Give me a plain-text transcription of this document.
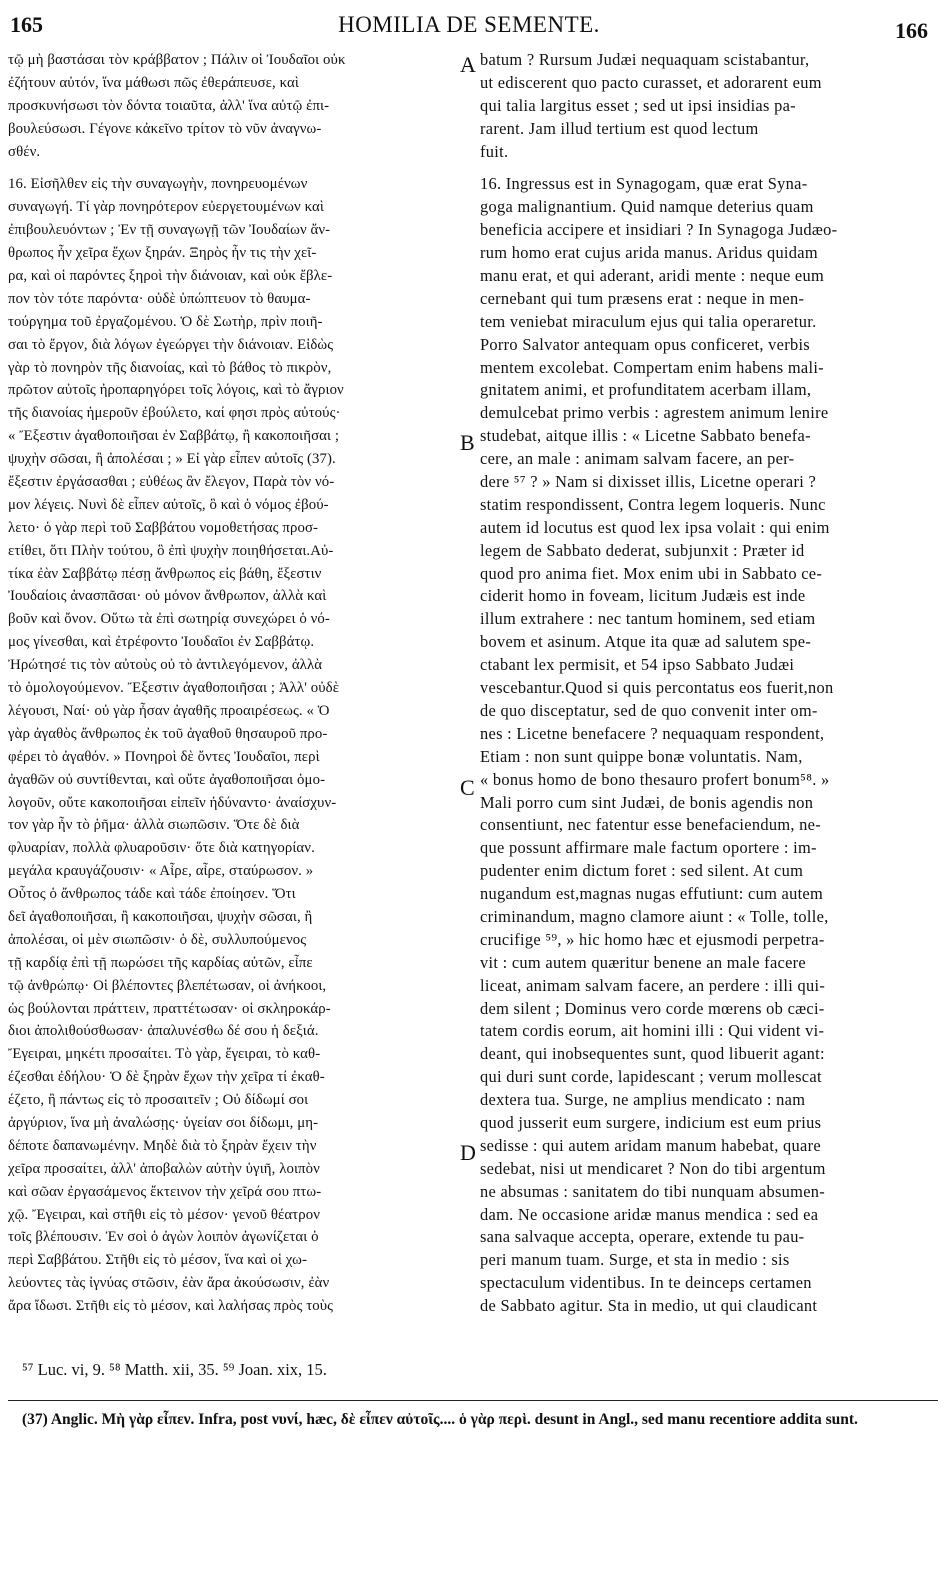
165	HOMILIA DE SEMENTE.	166
τῷ μὴ βαστάσαι τὸν κράββατον ; Πάλιν οἱ Ἰουδαῖοι οὐκ
ἐζήτουν αὐτόν, ἵνα μάθωσι πῶς ἐθεράπευσε, καὶ
προσκυνήσωσι τὸν δόντα τοιαῦτα, ἀλλ' ἵνα αὐτῷ ἐπι-
βουλεύσωσι. Γέγονε κἀκεῖνο τρίτον τὸ νῦν ἀναγνω-
σθέν.
16. Εἰσῆλθεν εἰς τὴν συναγωγὴν, πονηρευομένων
συναγωγή. Τί γὰρ πονηρότερον εὐεργετουμένων καὶ
ἐπιβουλευόντων ; Ἐν τῇ συναγωγῇ τῶν Ἰουδαίων ἄν-
θρωπος ἦν χεῖρα ἔχων ξηράν. Ξηρὸς ἦν τις τὴν χεῖ-
ρα, καὶ οἱ παρόντες ξηροὶ τὴν διάνοιαν, καὶ οὐκ ἔβλε-
πον τὸν τότε παρόντα· οὐδὲ ὑπώπτευον τὸ θαυμα-
τούργημα τοῦ ἐργαζομένου. Ὁ δὲ Σωτὴρ, πρὶν ποιῆ-
σαι τὸ ἔργον, διὰ λόγων ἐγεώργει τὴν διάνοιαν. Εἰδὼς
γὰρ τὸ πονηρὸν τῆς διανοίας, καὶ τὸ βάθος τὸ πικρὸν,
πρῶτον αὐτοῖς ἠρoπαρηγόρει τοῖς λόγοις, καὶ τὸ ἄγριον
τῆς διανοίας ἡμεροῦν ἐβούλετο, καί φησι πρὸς αὐτούς·
« Ἔξεστιν ἀγαθοποιῆσαι ἐν Σαββάτῳ, ἢ κακοποιῆσαι ;
ψυχὴν σῶσαι, ἢ ἀπολέσαι ; » Εἰ γὰρ εἶπεν αὐτοῖς (37).
ἔξεστιν ἐργάσασθαι ; εὐθέως ἂν ἔλεγον, Παρὰ τὸν νό-
μον λέγεις. Νυνὶ δὲ εἶπεν αὐτοῖς, ὃ καὶ ὁ νόμος ἐβού-
λετο· ὁ γὰρ περὶ τοῦ Σαββάτου νομοθετήσας προσ-
ετίθει, ὅτι Πλὴν τούτου, ὃ ἐπὶ ψυχὴν ποιηθήσεται.Αὐ-
τίκα ἐὰν Σαββάτῳ πέσῃ ἄνθρωπος εἰς βάθη, ἔξεστιν
Ἰουδαίοις ἀνασπᾶσαι· οὐ μόνον ἄνθρωπον, ἀλλὰ καὶ
βοῦν καὶ ὄνον. Οὕτω τὰ ἐπὶ σωτηρίᾳ συνεχώρει ὁ νό-
μος γίνεσθαι, καὶ ἐτρέφοντο Ἰουδαῖοι ἐν Σαββάτῳ.
Ἠρώτησέ τις τὸν αὐτοὺς οὐ τὸ ἀντιλεγόμενον, ἀλλὰ
τὸ ὁμολογούμενον. Ἔξεστιν ἀγαθοποιῆσαι ; Ἀλλ' οὐδὲ
λέγουσι, Ναί· οὐ γὰρ ἦσαν ἀγαθῆς προαιρέσεως. « Ὁ
γὰρ ἀγαθὸς ἄνθρωπος ἐκ τοῦ ἀγαθοῦ θησαυροῦ προ-
φέρει τὸ ἀγαθόν. » Πονηροὶ δὲ ὄντες Ἰουδαῖοι, περὶ
ἀγαθῶν οὐ συντίθενται, καὶ οὔτε ἀγαθοποιῆσαι ὁμο-
λογοῦν, οὔτε κακοποιῆσαι εἰπεῖν ἠδύναντο· ἀναίσχυν-
τον γὰρ ἦν τὸ ῥῆμα· ἀλλὰ σιωπῶσιν. Ὅτε δὲ διὰ
φλυαρίαν, πολλὰ φλυαροῦσιν· ὅτε διὰ κατηγορίαν.
μεγάλα κραυγάζουσιν· « Αἶρε, αἶρε, σταύρωσον. »
Οὗτος ὁ ἄνθρωπος τάδε καὶ τάδε ἐποίησεν. Ὅτι
δεῖ ἀγαθοποιῆσαι, ἢ κακοποιῆσαι, ψυχὴν σῶσαι, ἢ
ἀπολέσαι, οἱ μὲν σιωπῶσιν· ὁ δὲ, συλλυπούμενος
τῇ καρδίᾳ ἐπὶ τῇ πωρώσει τῆς καρδίας αὐτῶν, εἶπε
τῷ ἀνθρώπῳ· Οἱ βλέποντες βλεπέτωσαν, οἱ ἀνήκοοι,
ὡς βούλονται πράττειν, πραττέτωσαν· οἱ σκληροκάρ-
διοι ἀπολιθούσθωσαν· ἀπαλυνέσθω δέ σου ἡ δεξιά.
Ἔγειραι, μηκέτι προσαίτει. Τὸ γὰρ, ἔγειραι, τὸ καθ-
έζεσθαι ἐδήλου· Ὁ δὲ ξηρὰν ἔχων τὴν χεῖρα τί ἐκαθ-
έζετο, ἢ πάντως εἰς τὸ προσαιτεῖν ; Οὐ δίδωμί σοι
ἀργύριον, ἵνα μὴ ἀναλώσῃς· ὑγείαν σοι δίδωμι, μη-
δέποτε δαπανωμένην. Μηδὲ διὰ τὸ ξηρὰν ἔχειν τὴν
χεῖρα προσαίτει, ἀλλ' ἀποβαλὼν αὐτὴν ὑγιῆ, λοιπὸν
καὶ σῶαν ἐργασάμενος ἔκτεινον τὴν χεῖρά σου πτω-
χῷ. Ἔγειραι, καὶ στῆθι εἰς τὸ μέσον· γενοῦ θέατρον
τοῖς βλέπουσιν. Ἐν σοὶ ὁ ἀγὼν λοιπὸν ἀγωνίζεται ὁ
περὶ Σαββάτου. Στῆθι εἰς τὸ μέσον, ἵνα καὶ οἱ χω-
λεύοντες τὰς ἰγνύας στῶσιν, ἐὰν ἄρα ἀκούσωσιν, ἐὰν
ἄρα ἴδωσι. Στῆθι εἰς τὸ μέσον, καὶ λαλήσας πρὸς τοὺς
A
B
C
D
batum ? Rursum Judæi nequaquam scistabantur,
ut ediscerent quo pacto curasset, et adorarent eum
qui talia largitus esset ; sed ut ipsi insidias pa-
rarent. Jam illud tertium est quod lectum
fuit.
16. Ingressus est in Synagogam, quæ erat Syna-
goga malignantium. Quid namque deterius quam
beneficia accipere et insidiari ? In Synagoga Judæo-
rum homo erat cujus arida manus. Aridus quidam
manu erat, et qui aderant, aridi mente : neque eum
cernebant qui tum præsens erat : neque in men-
tem veniebat miraculum ejus qui talia operaretur.
Porro Salvator antequam opus conficeret, verbis
mentem excolebat. Compertam enim habens mali-
gnitatem animi, et profunditatem acerbam illam,
demulcebat primo verbis : agrestem animum lenire
studebat, aitque illis : « Licetne Sabbato benefa-
cere, an male : animam salvam facere, an per-
dere ⁵⁷ ? » Nam si dixisset illis, Licetne operari ?
statim respondissent, Contra legem loqueris. Nunc
autem id locutus est quod lex ipsa volait : qui enim
legem de Sabbato dederat, subjunxit : Præter id
quod pro anima fiet. Mox enim ubi in Sabbato ce-
ciderit homo in foveam, licitum Judæis est inde
illum extrahere : nec tantum hominem, sed etiam
bovem et asinum. Atque ita quæ ad salutem spe-
ctabant lex permisit, et 54 ipso Sabbato Judæi
vescebantur.Quod si quis percontatus eos fuerit,non
de quo disceptatur, sed de quo convenit inter om-
nes : Licetne benefacere ? nequaquam respondent,
Etiam : non sunt quippe bonæ voluntatis. Nam,
« bonus homo de bono thesauro profert bonum⁵⁸. »
Mali porro cum sint Judæi, de bonis agendis non
consentiunt, nec fatentur esse benefaciendum, ne-
que possunt affirmare male factum oportere : im-
pudenter enim dictum foret : sed silent. At cum
nugandum est,magnas nugas effutiunt: cum autem
criminandum, magno clamore aiunt : « Tolle, tolle,
crucifige ⁵⁹, » hic homo hæc et ejusmodi perpetra-
vit : cum autem quæritur benene an male facere
liceat, animam salvam facere, an perdere : illi qui-
dem silent ; Dominus vero corde mœrens ob cæci-
tatem cordis eorum, ait homini illi : Qui vident vi-
deant, qui inobsequentes sunt, quod libuerit agant:
qui duri sunt corde, lapidescant ; verum mollescat
dextera tua. Surge, ne amplius mendicato : nam
quod jusserit eum surgere, indicium est eum prius
sedisse : qui autem aridam manum habebat, quare
sedebat, nisi ut mendicaret ? Non do tibi argentum
ne absumas : sanitatem do tibi nunquam absumen-
dam. Ne occasione aridæ manus mendica : sed ea
sana salvaque accepta, operare, extende tu pau-
peri manum tuam. Surge, et sta in medio : sis
spectaculum videntibus. In te deinceps certamen
de Sabbato agitur. Sta in medio, ut qui claudicant
⁵⁷ Luc. vi, 9. ⁵⁸ Matth. xii, 35. ⁵⁹ Joan. xix, 15.
(37) Anglic. Μὴ γὰρ εἶπεν. Infra, post νυνί, hæc, δὲ εἶπεν αὐτοῖς.... ὁ γὰρ περὶ. desunt in Angl., sed manu recentiore addita sunt.
